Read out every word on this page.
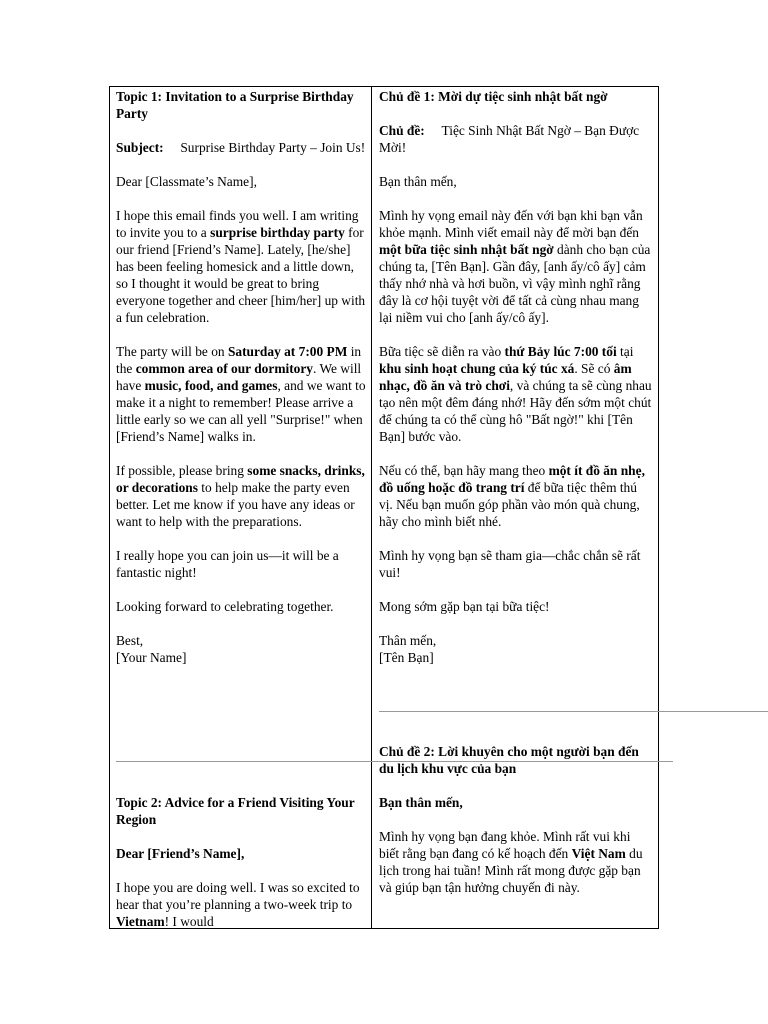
Topic 1: Invitation to a Surprise Birthday Party

Subject: Surprise Birthday Party – Join Us!

Dear [Classmate’s Name],

I hope this email finds you well. I am writing to invite you to a surprise birthday party for our friend [Friend’s Name]. Lately, [he/she] has been feeling homesick and a little down, so I thought it would be great to bring everyone together and cheer [him/her] up with a fun celebration.

The party will be on Saturday at 7:00 PM in the common area of our dormitory. We will have music, food, and games, and we want to make it a night to remember! Please arrive a little early so we can all yell "Surprise!" when [Friend’s Name] walks in.

If possible, please bring some snacks, drinks, or decorations to help make the party even better. Let me know if you have any ideas or want to help with the preparations.

I really hope you can join us—it will be a fantastic night!

Looking forward to celebrating together.

Best,

[Your Name]

Topic 2: Advice for a Friend Visiting Your Region

Dear [Friend’s Name],

I hope you are doing well. I was so excited to hear that you’re planning a two-week trip to Vietnam! I would

Chủ đề 1: Mời dự tiệc sinh nhật bất ngờ

Chủ đề: Tiệc Sinh Nhật Bất Ngờ – Bạn Được Mời!

Bạn thân mến,

Mình hy vọng email này đến với bạn khi bạn vẫn khỏe mạnh. Mình viết email này để mời bạn đến một bữa tiệc sinh nhật bất ngờ dành cho bạn của chúng ta, [Tên Bạn]. Gần đây, [anh ấy/cô ấy] cảm thấy nhớ nhà và hơi buồn, vì vậy mình nghĩ rằng đây là cơ hội tuyệt vời để tất cả cùng nhau mang lại niềm vui cho [anh ấy/cô ấy].

Bữa tiệc sẽ diễn ra vào thứ Bảy lúc 7:00 tối tại khu sinh hoạt chung của ký túc xá. Sẽ có âm nhạc, đồ ăn và trò chơi, và chúng ta sẽ cùng nhau tạo nên một đêm đáng nhớ! Hãy đến sớm một chút để chúng ta có thể cùng hô "Bất ngờ!" khi [Tên Bạn] bước vào.

Nếu có thể, bạn hãy mang theo một ít đồ ăn nhẹ, đồ uống hoặc đồ trang trí để bữa tiệc thêm thú vị. Nếu bạn muốn góp phần vào món quà chung, hãy cho mình biết nhé.

Mình hy vọng bạn sẽ tham gia—chắc chắn sẽ rất vui!

Mong sớm gặp bạn tại bữa tiệc!

Thân mến,

[Tên Bạn]

Chủ đề 2: Lời khuyên cho một người bạn đến du lịch khu vực của bạn

Bạn thân mến,

Mình hy vọng bạn đang khỏe. Mình rất vui khi biết rằng bạn đang có kế hoạch đến Việt Nam du lịch trong hai tuần! Mình rất mong được gặp bạn và giúp bạn tận hưởng chuyến đi này.
